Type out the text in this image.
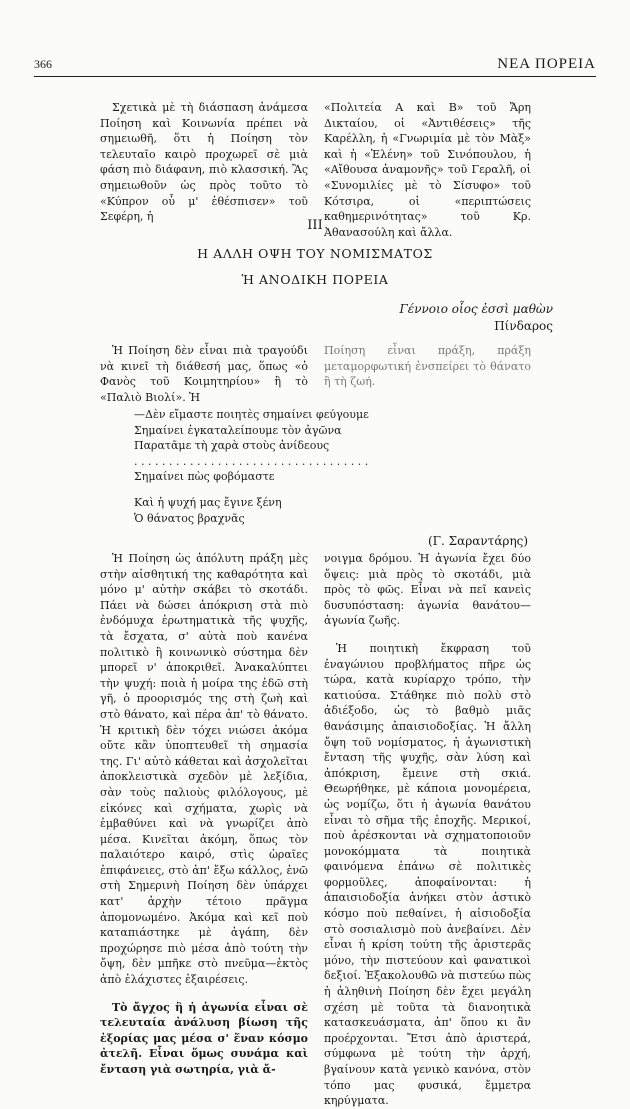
366	ΝΕΑ ΠΟΡΕΙΑ

Σχετικὰ μὲ τὴ διάσπαση ἀνάμεσα Ποίηση καὶ Κοινωνία πρέπει νὰ σημειωθῆ, ὅτι ἡ Ποίηση τὸν τελευταῖο καιρὸ προχωρεῖ σὲ μιὰ φάση πιὸ διάφανη, πιὸ κλασσική. Ἂς σημειωθοῦν ὡς πρὸς τοῦτο τὸ «Κύπρον οὗ μ' ἐθέσπισεν» τοῦ Σεφέρη, ἡ

«Πολιτεία Α καὶ Β» τοῦ Ἄρη Δικταίου, οἱ «Ἀντιθέσεις» τῆς Καρέλλη, ἡ «Γνωριμία μὲ τὸν Μὰξ» καὶ ἡ «Ἑλένη» τοῦ Σινόπουλου, ἡ «Αἴθουσα ἀναμονῆς» τοῦ Γεραλῆ, οἱ «Συνομιλίες μὲ τὸ Σίσυφο» τοῦ Κότσιρα, οἱ «περιπτώσεις καθημερινότητας» τοῦ Κρ. Ἀθανασούλη καὶ ἄλλα.

III
Η ΑΛΛΗ ΟΨΗ ΤΟΥ ΝΟΜΙΣΜΑΤΟΣ
Ἡ ΑΝΟΔΙΚΗ ΠΟΡΕΙΑ
Γέννοιο οἷος ἐσσὶ μαθὼν
Πίνδαρος

Ἡ Ποίηση δὲν εἶναι πιὰ τραγούδι νὰ κινεῖ τὴ διάθεσή μας, ὅπως «ὁ Φανὸς τοῦ Κοιμητηρίου» ἢ τὸ «Παλιὸ Βιολί». Ἡ

Ποίηση εἶναι πράξη, πράξη μεταμορφωτική ἐνσπείρει τὸ θάνατο ἢ τὴ ζωή.

—Δὲν εἴμαστε ποιητὲς σημαίνει φεύγουμε
Σημαίνει ἐγκαταλείπουμε τὸν ἀγῶνα
Παρατᾶμε τὴ χαρὰ στοὺς ἀνίδεους
. . . . . . . . . . . . . . . . . . . . . . . . . . . . . . . . . .
Σημαίνει πὼς φοβόμαστε
Καὶ ἡ ψυχή μας ἔγινε ξένη
Ὁ θάνατος βραχνᾶς
(Γ. Σαραντάρης)

Ἡ Ποίηση ὡς ἀπόλυτη πράξη μὲς στὴν αἰσθητική της καθαρότητα καὶ μόνο μ' αὐτὴν σκάβει τὸ σκοτάδι. Πάει νὰ δώσει ἀπόκριση στὰ πιὸ ἐνδόμυχα ἐρωτηματικὰ τῆς ψυχῆς, τὰ ἔσχατα, σ' αὐτὰ ποὺ κανένα πολιτικὸ ἢ κοινωνικὸ σύστημα δὲν μπορεῖ ν' ἀποκριθεῖ. Ἀνακαλύπτει τὴν ψυχή: ποιὰ ἡ μοίρα της ἐδῶ στὴ γῆ, ὁ προορισμός της στὴ ζωὴ καὶ στὸ θάνατο, καὶ πέρα ἀπ' τὸ θάνατο. Ἡ κριτικὴ δὲν τόχει νιώσει ἀκόμα οὔτε κἂν ὑποπτευθεῖ τὴ σημασία της. Γι' αὐτὸ κάθεται καὶ ἀσχολεῖται ἀποκλειστικὰ σχεδὸν μὲ λεξίδια, σὰν τοὺς παλιοὺς φιλόλογους, μὲ εἰκόνες καὶ σχήματα, χωρὶς νὰ ἐμβαθύνει καὶ νὰ γνωρίζει ἀπὸ μέσα. Κινεῖται ἀκόμη, ὅπως τὸν παλαιότερο καιρό, στὶς ὡραῖες ἐπιφάνειες, στὸ ἀπ' ἔξω κάλλος, ἐνῶ στὴ Σημερινὴ Ποίηση δὲν ὑπάρχει κατ' ἀρχὴν τέτοιο πρᾶγμα ἀπομονωμένο. Ἀκόμα καὶ κεῖ ποὺ καταπιάστηκε μὲ ἀγάπη, δὲν προχώρησε πιὸ μέσα ἀπὸ τούτη τὴν ὄψη, δὲν μπῆκε στὸ πνεῦμα—ἐκτὸς ἀπὸ ἐλάχιστες ἐξαιρέσεις.

Τὸ ἄγχος ἢ ἡ ἀγωνία εἶναι σὲ τελευταία ἀνάλυση βίωση τῆς ἐξορίας μας μέσα σ' ἕναν κόσμο ἀτελῆ. Εἶναι ὅμως συνάμα καὶ ἔνταση γιὰ σωτηρία, γιὰ ἄ-

νοιγμα δρόμου. Ἡ ἀγωνία ἔχει δύο ὄψεις: μιὰ πρὸς τὸ σκοτάδι, μιὰ πρὸς τὸ φῶς. Εἶναι νὰ πεῖ κανεὶς δυσυπόσταση: ἀγωνία θανάτου—ἀγωνία ζωῆς.

Ἡ ποιητικὴ ἔκφραση τοῦ ἐναγώνιου προβλήματος πῆρε ὡς τώρα, κατὰ κυρίαρχο τρόπο, τὴν κατιούσα. Στάθηκε πιὸ πολὺ στὸ ἀδιέξοδο, ὡς τὸ βαθμὸ μιᾶς θανάσιμης ἀπαισιοδοξίας. Ἡ ἄλλη ὄψη τοῦ νομίσματος, ἡ ἀγωνιστικὴ ἔνταση τῆς ψυχῆς, σὰν λύση καὶ ἀπόκριση, ἔμεινε στὴ σκιά. Θεωρήθηκε, μὲ κάποια μονομέρεια, ὡς νομίζω, ὅτι ἡ ἀγωνία θανάτου εἶναι τὸ σῆμα τῆς ἐποχῆς. Μερικοί, ποὺ ἀρέσκονται νὰ σχηματοποιοῦν μονοκόμματα τὰ ποιητικὰ φαινόμενα ἐπάνω σὲ πολιτικὲς φορμοῦλες, ἀποφαίνονται: ἡ ἀπαισιοδοξία ἀνήκει στὸν ἀστικὸ κόσμο ποὺ πεθαίνει, ἡ αἰσιοδοξία στὸ σοσιαλισμὸ ποὺ ἀνεβαίνει. Δὲν εἶναι ἡ κρίση τούτη τῆς ἀριστερᾶς μόνο, τὴν πιστεύουν καὶ φανατικοὶ δεξιοί. Ἐξακολουθῶ νὰ πιστεύω πὼς ἡ ἀληθινὴ Ποίηση δὲν ἔχει μεγάλη σχέση μὲ τοῦτα τὰ διανοητικὰ κατασκευάσματα, ἀπ' ὅπου κι ἂν προέρχονται. Ἔτσι ἀπὸ ἀριστερά, σύμφωνα μὲ τούτη τὴν ἀρχή, βγαίνουν κατὰ γενικὸ κανόνα, στὸν τόπο μας φυσικά, ἔμμετρα κηρύγματα.
